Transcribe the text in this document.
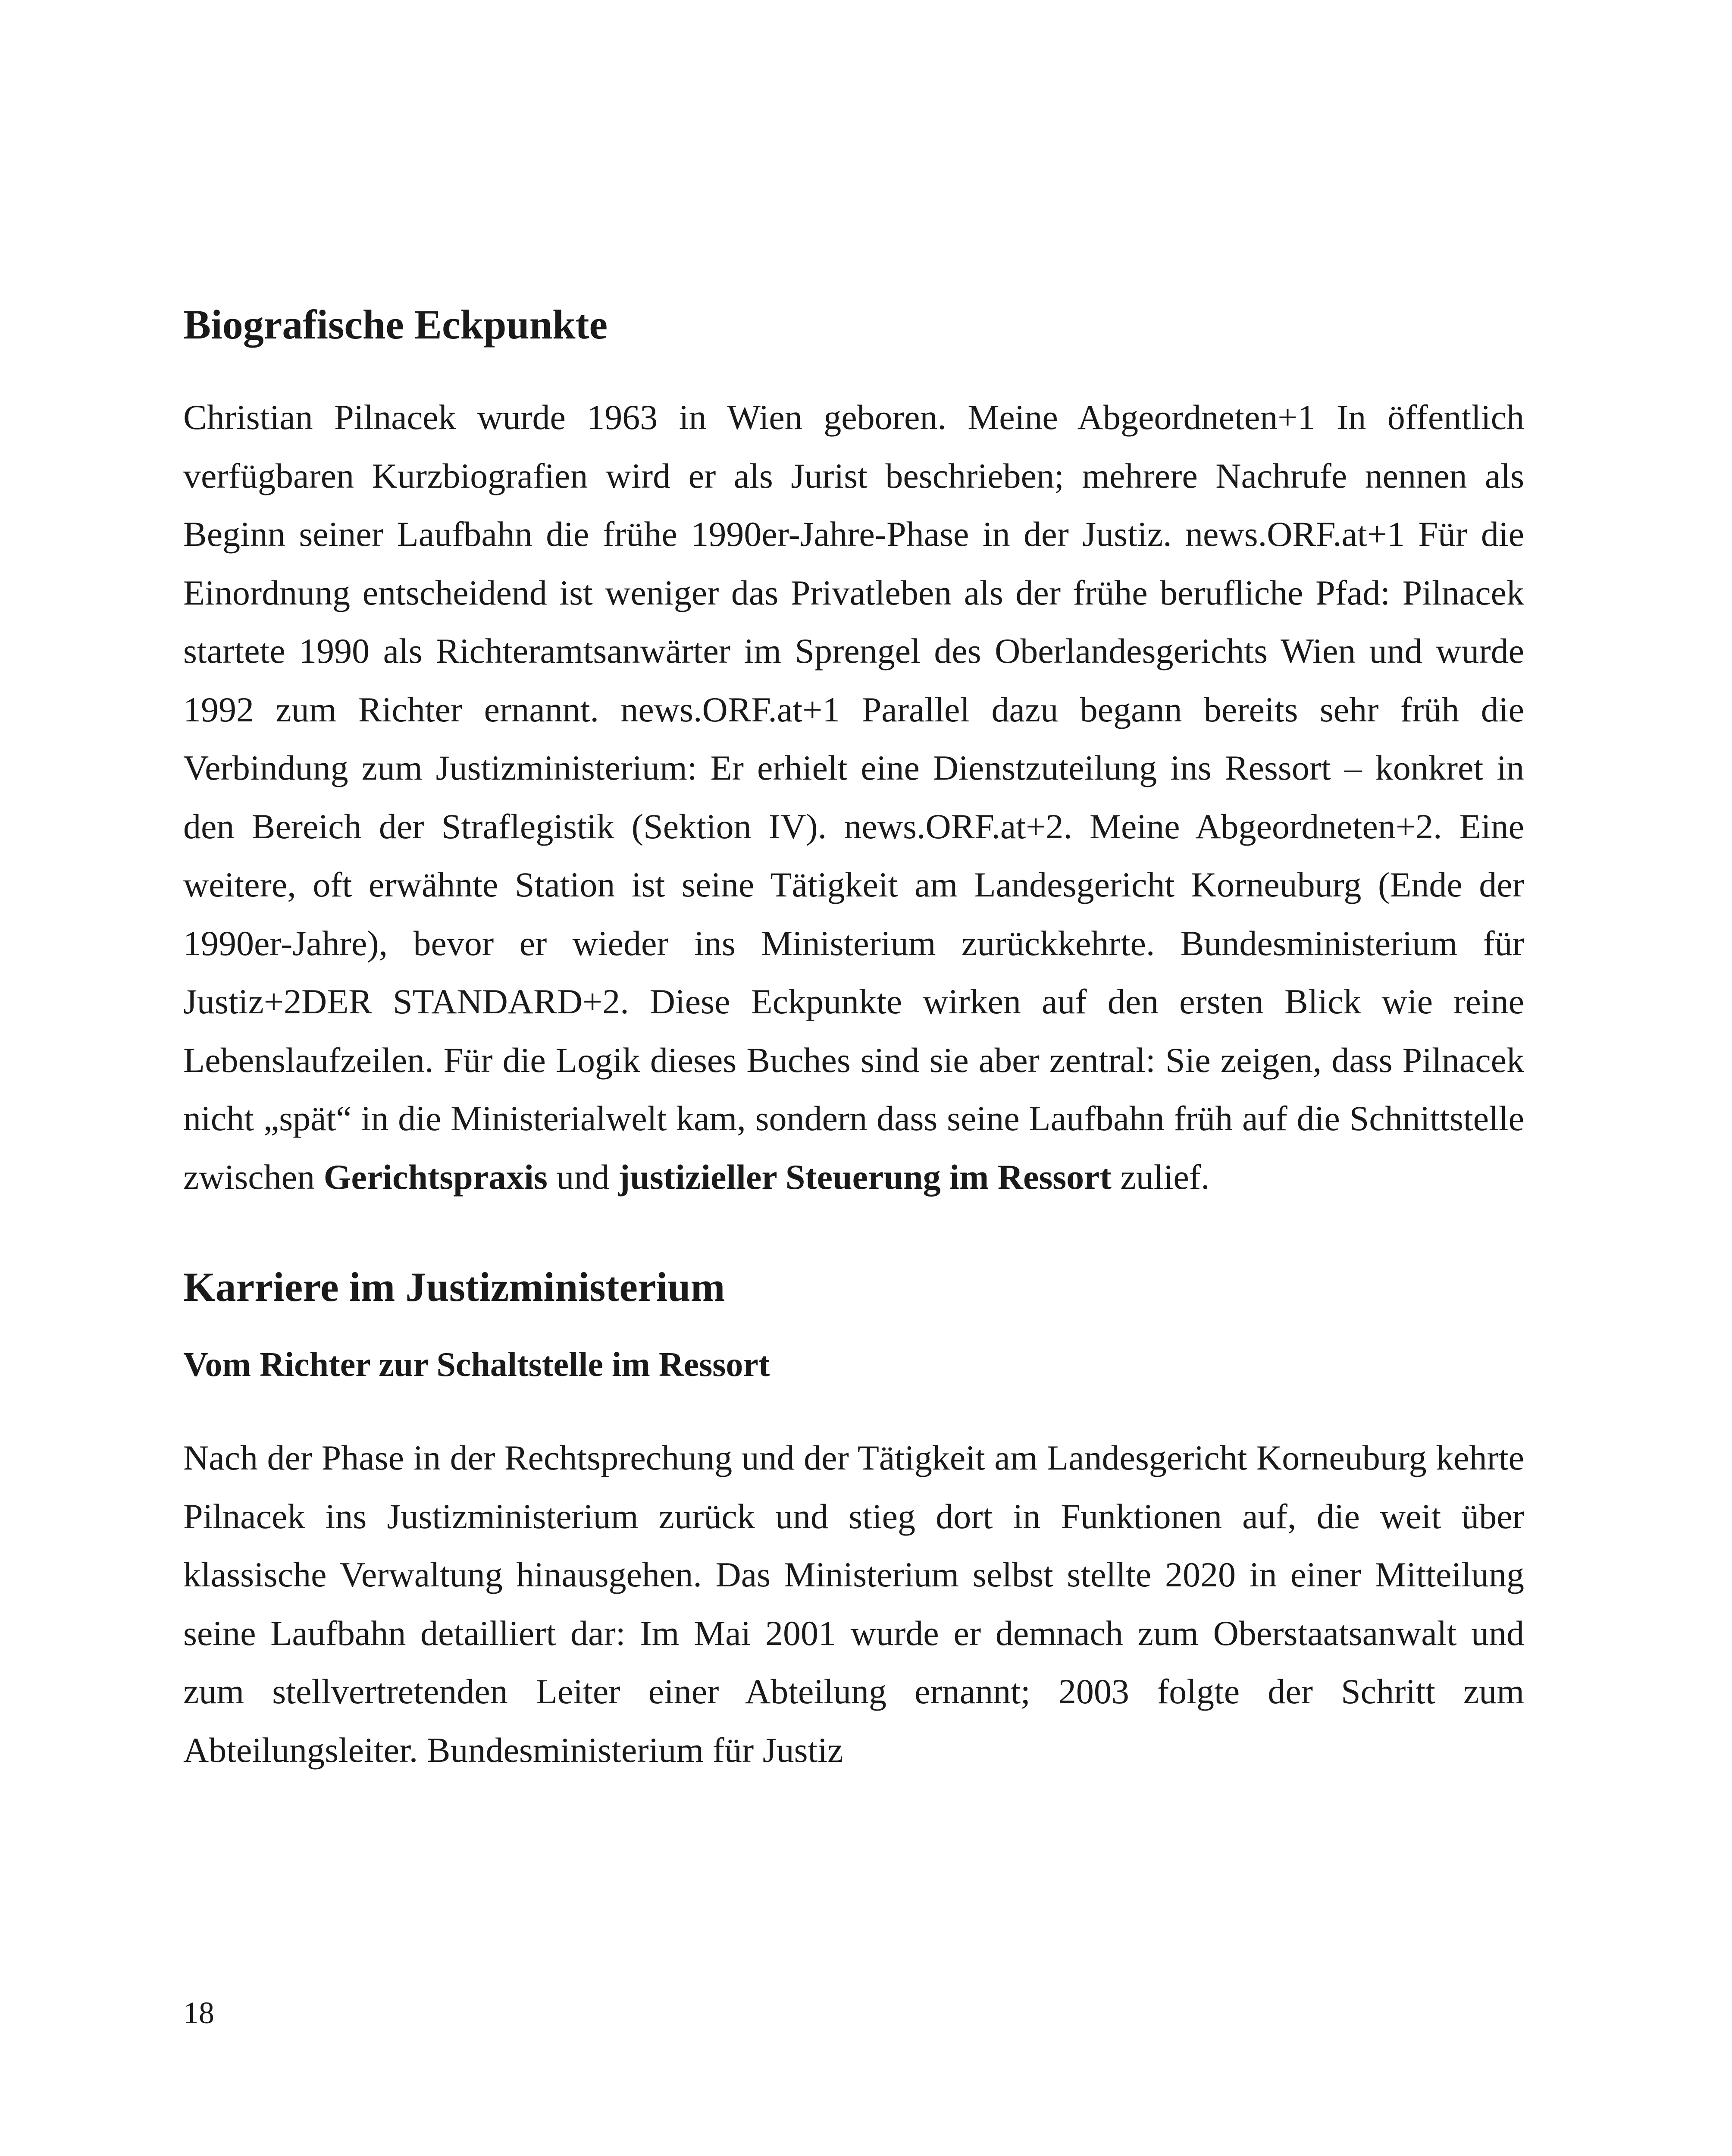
Biografische Eckpunkte

Christian Pilnacek wurde 1963 in Wien geboren. Meine Abgeordneten+1 In öffentlich verfügbaren Kurzbiografien wird er als Jurist beschrieben; mehrere Nachrufe nennen als Beginn seiner Laufbahn die frühe 1990er-Jahre-Phase in der Justiz. news.ORF.at+1 Für die Einordnung entscheidend ist weniger das Privatleben als der frühe berufliche Pfad: Pilnacek startete 1990 als Richteramtsanwärter im Sprengel des Oberlandesgerichts Wien und wurde 1992 zum Richter ernannt. news.ORF.at+1 Parallel dazu begann bereits sehr früh die Verbindung zum Justizministerium: Er erhielt eine Dienstzuteilung ins Ressort – konkret in den Bereich der Straflegistik (Sektion IV). news.ORF.at+2. Meine Abgeordneten+2. Eine weitere, oft erwähnte Station ist seine Tätigkeit am Landesgericht Korneuburg (Ende der 1990er-Jahre), bevor er wieder ins Ministerium zurückkehrte. Bundesministerium für Justiz+2DER STANDARD+2. Diese Eckpunkte wirken auf den ersten Blick wie reine Lebenslaufzeilen. Für die Logik dieses Buches sind sie aber zentral: Sie zeigen, dass Pilnacek nicht „spät“ in die Ministerialwelt kam, sondern dass seine Laufbahn früh auf die Schnittstelle zwischen Gerichtspraxis und justizieller Steuerung im Ressort zulief.

Karriere im Justizministerium
Vom Richter zur Schaltstelle im Ressort

Nach der Phase in der Rechtsprechung und der Tätigkeit am Landesgericht Korneuburg kehrte Pilnacek ins Justizministerium zurück und stieg dort in Funktionen auf, die weit über klassische Verwaltung hinausgehen. Das Ministerium selbst stellte 2020 in einer Mitteilung seine Laufbahn detailliert dar: Im Mai 2001 wurde er demnach zum Oberstaatsanwalt und zum stellvertretenden Leiter einer Abteilung ernannt; 2003 folgte der Schritt zum Abteilungsleiter. Bundesministerium für Justiz

18
